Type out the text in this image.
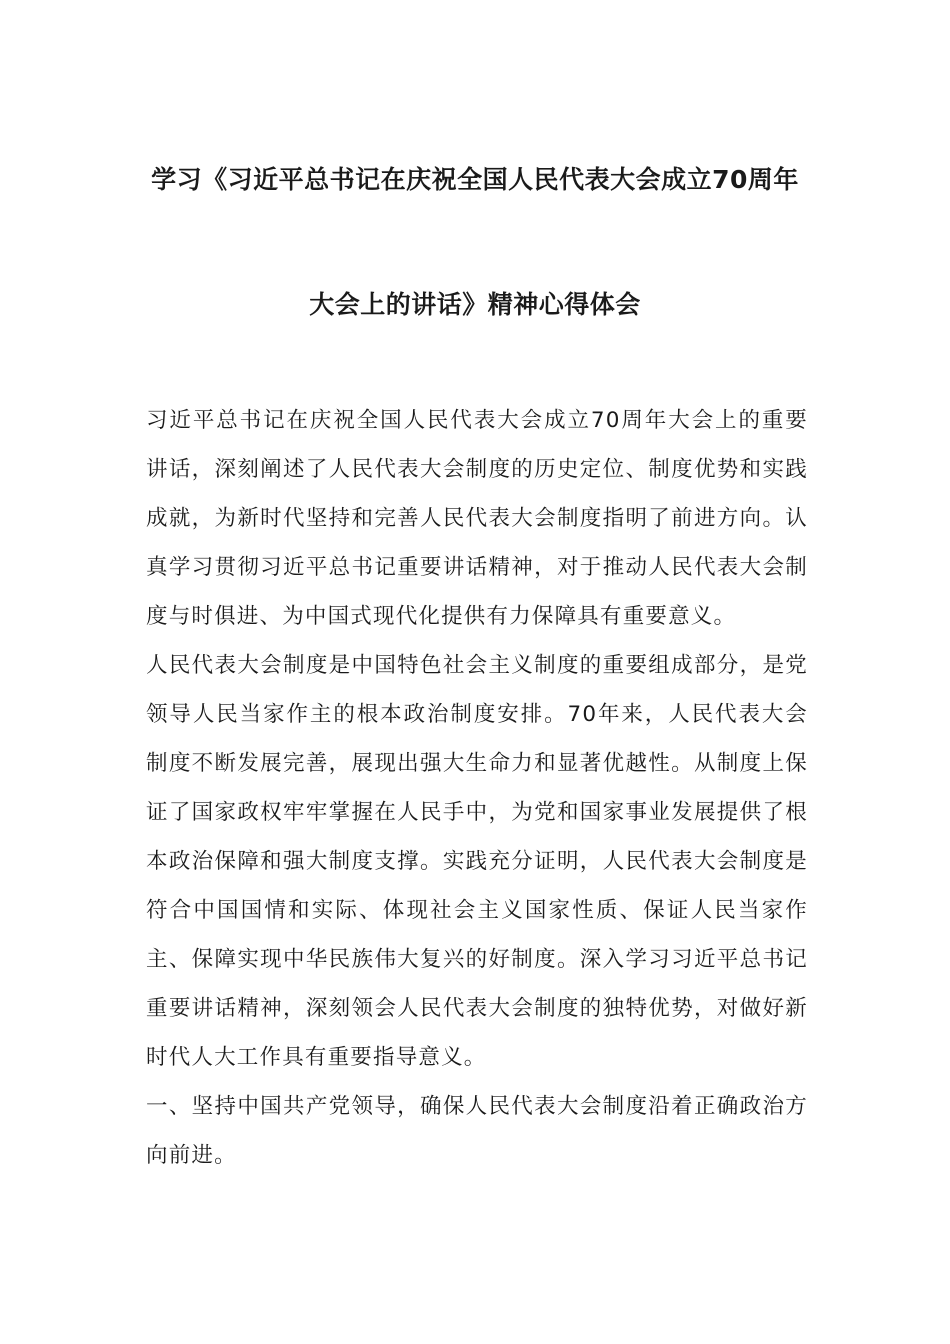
学习《习近平总书记在庆祝全国人民代表大会成立70周年
大会上的讲话》精神心得体会

习近平总书记在庆祝全国人民代表大会成立70周年大会上的重要讲话，深刻阐述了人民代表大会制度的历史定位、制度优势和实践成就，为新时代坚持和完善人民代表大会制度指明了前进方向。认真学习贯彻习近平总书记重要讲话精神，对于推动人民代表大会制度与时俱进、为中国式现代化提供有力保障具有重要意义。

人民代表大会制度是中国特色社会主义制度的重要组成部分，是党领导人民当家作主的根本政治制度安排。70年来，人民代表大会制度不断发展完善，展现出强大生命力和显著优越性。从制度上保证了国家政权牢牢掌握在人民手中，为党和国家事业发展提供了根本政治保障和强大制度支撑。实践充分证明，人民代表大会制度是符合中国国情和实际、体现社会主义国家性质、保证人民当家作主、保障实现中华民族伟大复兴的好制度。深入学习习近平总书记重要讲话精神，深刻领会人民代表大会制度的独特优势，对做好新时代人大工作具有重要指导意义。

一、坚持中国共产党领导，确保人民代表大会制度沿着正确政治方向前进。
